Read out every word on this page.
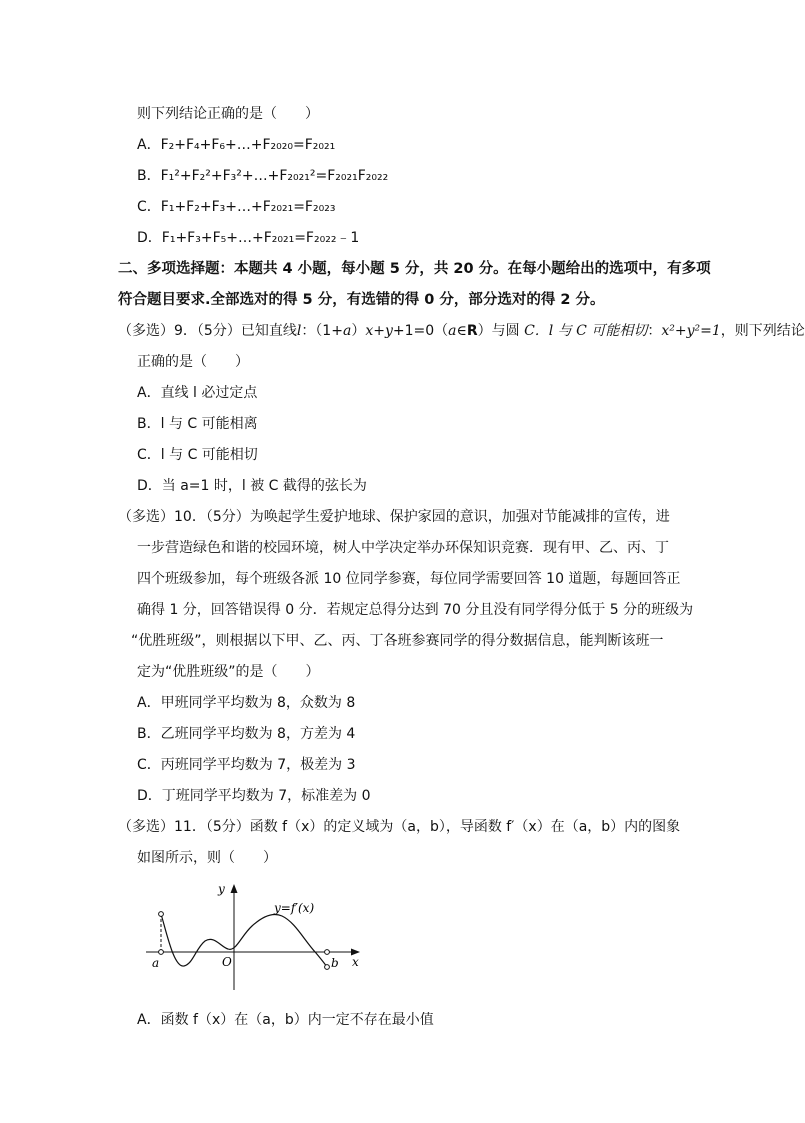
则下列结论正确的是（　　）
A．F₂+F₄+F₆+…+F₂₀₂₀=F₂₀₂₁
B．F₁²+F₂²+F₃²+…+F₂₀₂₁²=F₂₀₂₁F₂₀₂₂
C．F₁+F₂+F₃+…+F₂₀₂₁=F₂₀₂₃
D．F₁+F₃+F₅+…+F₂₀₂₁=F₂₀₂₂﹣1
二、多项选择题：本题共 4 小题，每小题 5 分，共 20 分。在每小题给出的选项中，有多项
符合题目要求.全部选对的得 5 分，有选错的得 0 分，部分选对的得 2 分。
（多选）9．（5分）已知直线l：（1+a）x+y+1=0（a∈R）与圆 C．l 与 C 可能相切：x²+y²=1，则下列结论
正确的是（　　）
A．直线 l 必过定点
B．l 与 C 可能相离
C．l 与 C 可能相切
D．当 a=1 时，l 被 C 截得的弦长为
（多选）10．（5分）为唤起学生爱护地球、保护家园的意识，加强对节能减排的宣传，进
一步营造绿色和谐的校园环境，树人中学决定举办环保知识竞赛．现有甲、乙、丙、丁
四个班级参加，每个班级各派 10 位同学参赛，每位同学需要回答 10 道题，每题回答正
确得 1 分，回答错误得 0 分．若规定总得分达到 70 分且没有同学得分低于 5 分的班级为
“优胜班级”，则根据以下甲、乙、丙、丁各班参赛同学的得分数据信息，能判断该班一
定为“优胜班级”的是（　　）
A．甲班同学平均数为 8，众数为 8
B．乙班同学平均数为 8，方差为 4
C．丙班同学平均数为 7，极差为 3
D．丁班同学平均数为 7，标准差为 0
（多选）11．（5分）函数 f（x）的定义域为（a，b），导函数 f′（x）在（a，b）内的图象
如图所示，则（　　）
y
x
O
a	b
y=f′(x)
A．函数 f（x）在（a，b）内一定不存在最小值
